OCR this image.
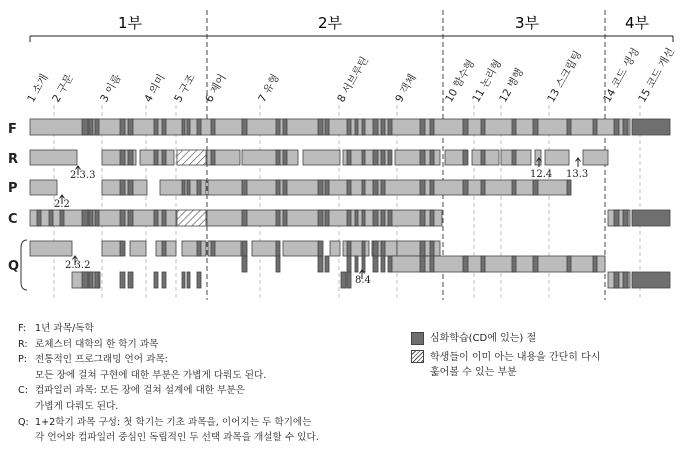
1부	2부	3부	4부
1 소개 2 구문 3 이름 4 의미 5 구조 6 제어	7 유형	8 서브루틴 9 객체 10 함수형
11 논리형
12 병행 13 스크립팅 14 코드 생성
15 코드 개선
F
R
P
C
Q
2.3.3
2.2
12.4 13.3
2.3.2
8.4
F: 1년 과목/독학
R: 로체스터 대학의 한 학기 과목
P: 전통적인 프로그래밍 언어 과목:
모든 장에 걸쳐 구현에 대한 부분은 가볍게 다뤄도 된다.
C: 컴파일러 과목: 모든 장에 걸쳐 설계에 대한 부분은
가볍게 다뤄도 된다.
Q: 1+2학기 과목 구성: 첫 학기는 기초 과목을, 이어지는 두 학기에는
각 언어와 컴파일러 중심인 독립적인 두 선택 과목을 개설할 수 있다.
심화학습(CD에 있는) 절
학생들이 이미 아는 내용을 간단히 다시
훑어볼 수 있는 부분
